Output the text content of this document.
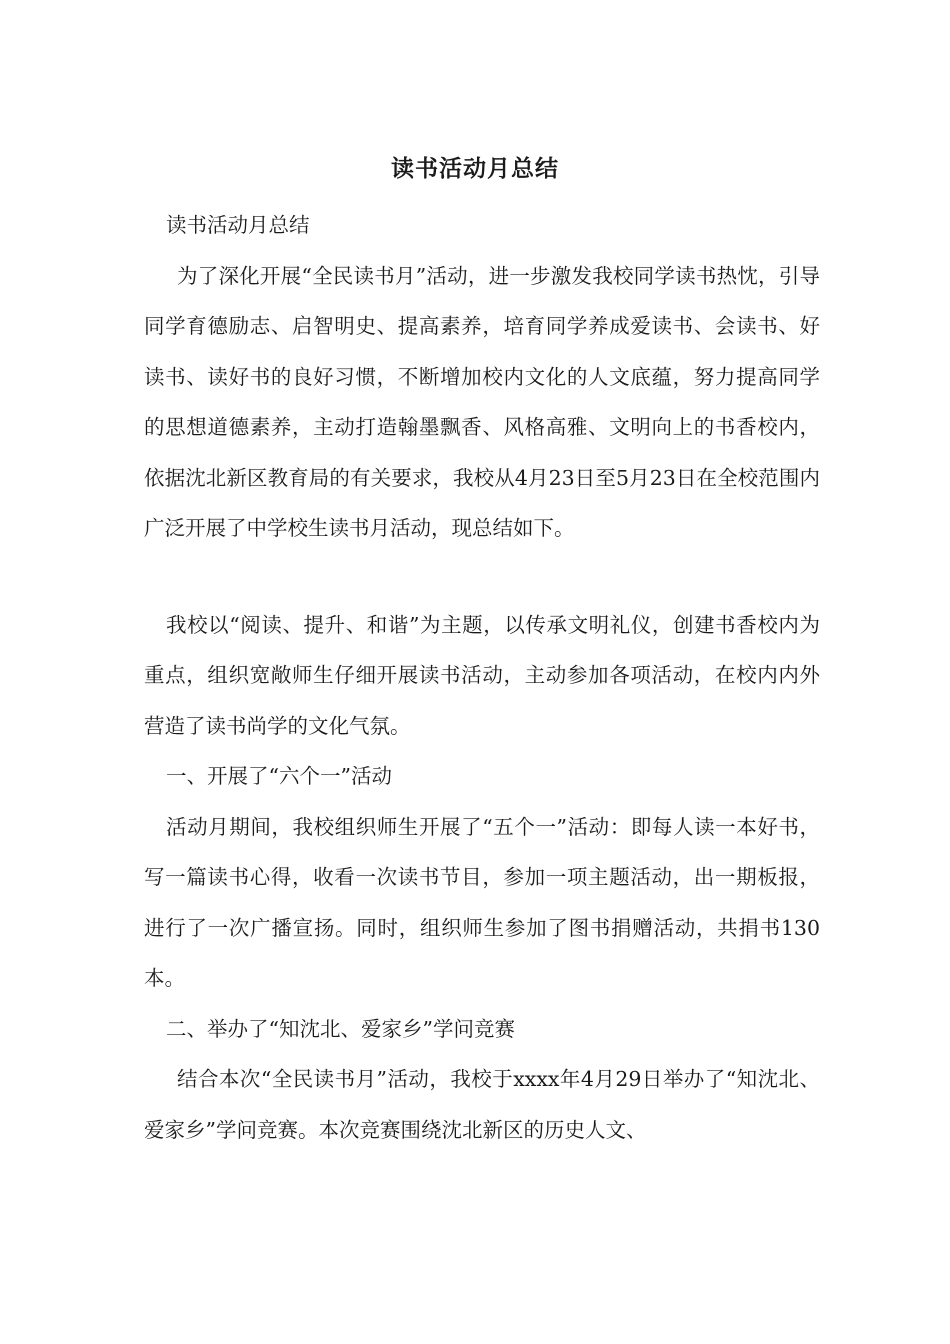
读书活动月总结

读书活动月总结

为了深化开展“全民读书月”活动，进一步激发我校同学读书热忱，引导同学育德励志、启智明史、提高素养，培育同学养成爱读书、会读书、好读书、读好书的良好习惯，不断增加校内文化的人文底蕴，努力提高同学的思想道德素养，主动打造翰墨飘香、风格高雅、文明向上的书香校内，依据沈北新区教育局的有关要求，我校从4月23日至5月23日在全校范围内广泛开展了中学校生读书月活动，现总结如下。

我校以“阅读、提升、和谐”为主题，以传承文明礼仪，创建书香校内为重点，组织宽敞师生仔细开展读书活动，主动参加各项活动，在校内内外营造了读书尚学的文化气氛。

一、开展了“六个一”活动

活动月期间，我校组织师生开展了“五个一”活动：即每人读一本好书，写一篇读书心得，收看一次读书节目，参加一项主题活动，出一期板报，进行了一次广播宣扬。同时，组织师生参加了图书捐赠活动，共捐书130本。

二、举办了“知沈北、爱家乡”学问竞赛

结合本次“全民读书月”活动，我校于xxxx年4月29日举办了“知沈北、爱家乡”学问竞赛。本次竞赛围绕沈北新区的历史人文、
